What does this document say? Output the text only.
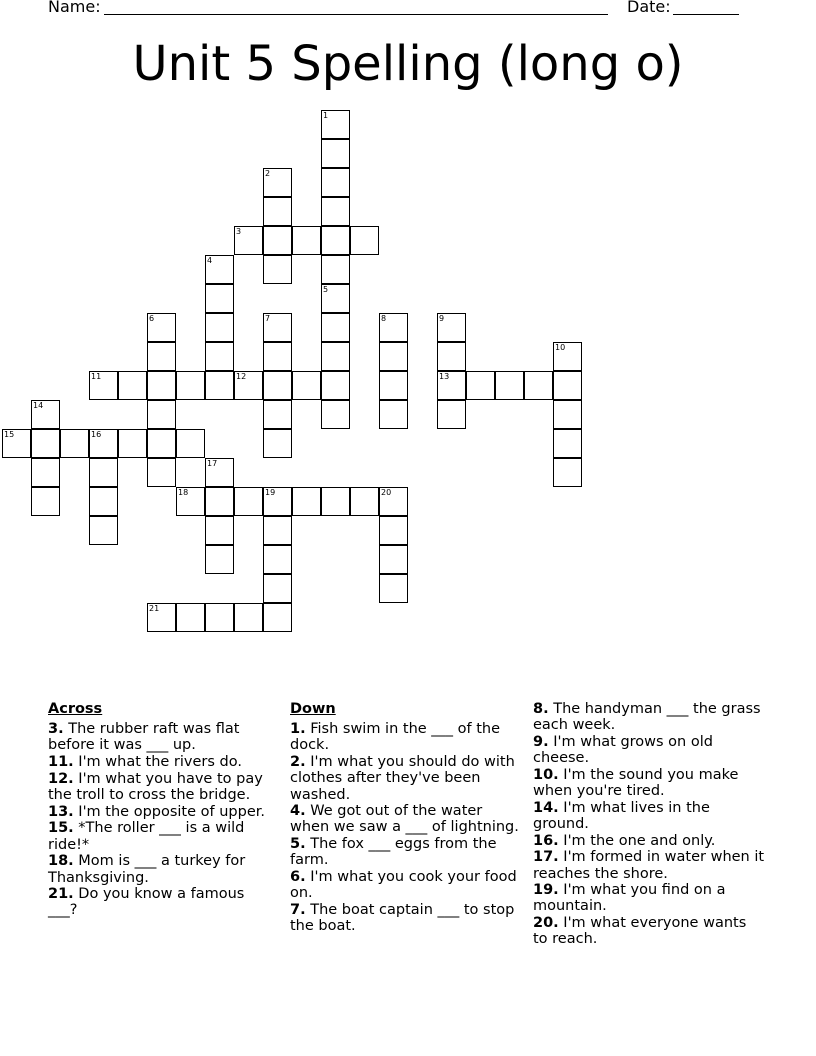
Name:	Date:
Unit 5 Spelling (long o)
1
2
3
4
5
6	7	8	9
10
11	12	13
14
15	16
17
18	19	20
21
Across
3. The rubber raft was flat before it was ___ up.
11. I'm what the rivers do.
12. I'm what you have to pay the troll to cross the bridge.
13. I'm the opposite of upper.
15. *The roller ___ is a wild ride!*
18. Mom is ___ a turkey for Thanksgiving.
21. Do you know a famous ___?
Down
1. Fish swim in the ___ of the dock.
2. I'm what you should do with clothes after they've been washed.
4. We got out of the water when we saw a ___ of lightning.
5. The fox ___ eggs from the farm.
6. I'm what you cook your food on.
7. The boat captain ___ to stop the boat.
8. The handyman ___ the grass each week.
9. I'm what grows on old cheese.
10. I'm the sound you make when you're tired.
14. I'm what lives in the ground.
16. I'm the one and only.
17. I'm formed in water when it reaches the shore.
19. I'm what you find on a mountain.
20. I'm what everyone wants to reach.
